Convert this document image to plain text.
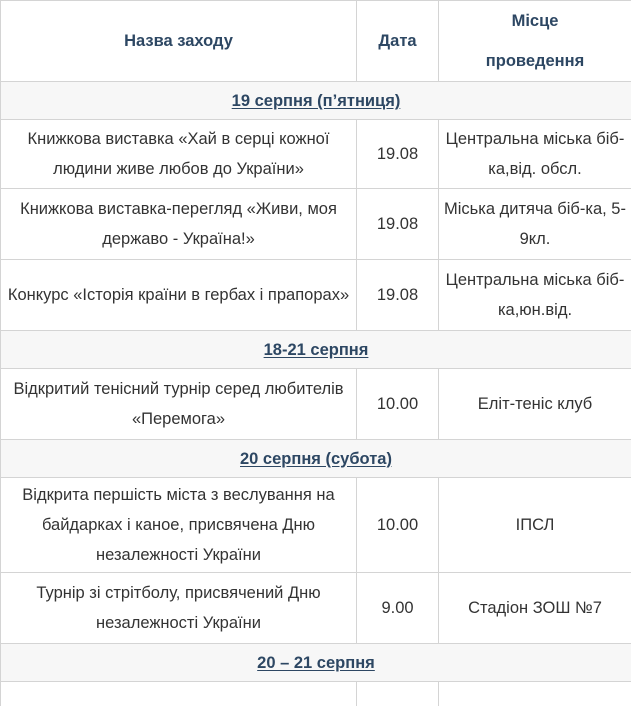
Назва заходу	Дата	Місце
проведення
19 серпня (п’ятниця)		
Книжкова виставка «Хай в серці кожної людини живе любов до України»	19.08	Центральна міська біб-ка,від. обсл.
Книжкова виставка-перегляд «Живи, моя державо - Україна!»	19.08	Міська дитяча біб-ка, 5-9кл.
Конкурс «Історія країни в гербах і прапорах»	19.08	Центральна міська біб-ка,юн.від.
18-21 серпня		
Відкритий тенісний турнір серед любителів «Перемога»	10.00	Еліт-теніс клуб
20 серпня (субота)		
Відкрита першість міста з веслування на байдарках і каное, присвячена Дню незалежності України	10.00	ІПСЛ
Турнір зі стрітболу, присвячений Дню незалежності України	9.00	Стадіон ЗОШ №7
20 – 21 серпня		
